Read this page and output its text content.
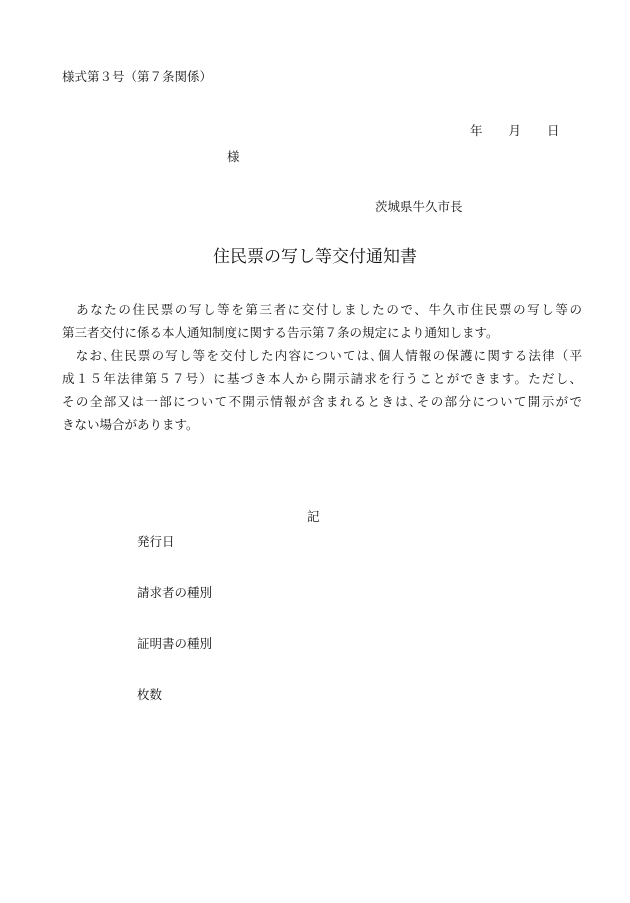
様式第３号（第７条関係）
年 月 日
様
茨城県牛久市長
住民票の写し等交付通知書
　あなたの住民票の写し等を第三者に交付しましたので、牛久市住民票の写し等の
第三者交付に係る本人通知制度に関する告示第７条の規定により通知します。
　なお､住民票の写し等を交付した内容については､個人情報の保護に関する法律（平
成１５年法律第５７号）に基づき本人から開示請求を行うことができます。ただし、
その全部又は一部について不開示情報が含まれるときは､その部分について開示がで
きない場合があります。
記
発行日
請求者の種別
証明書の種別
枚数
